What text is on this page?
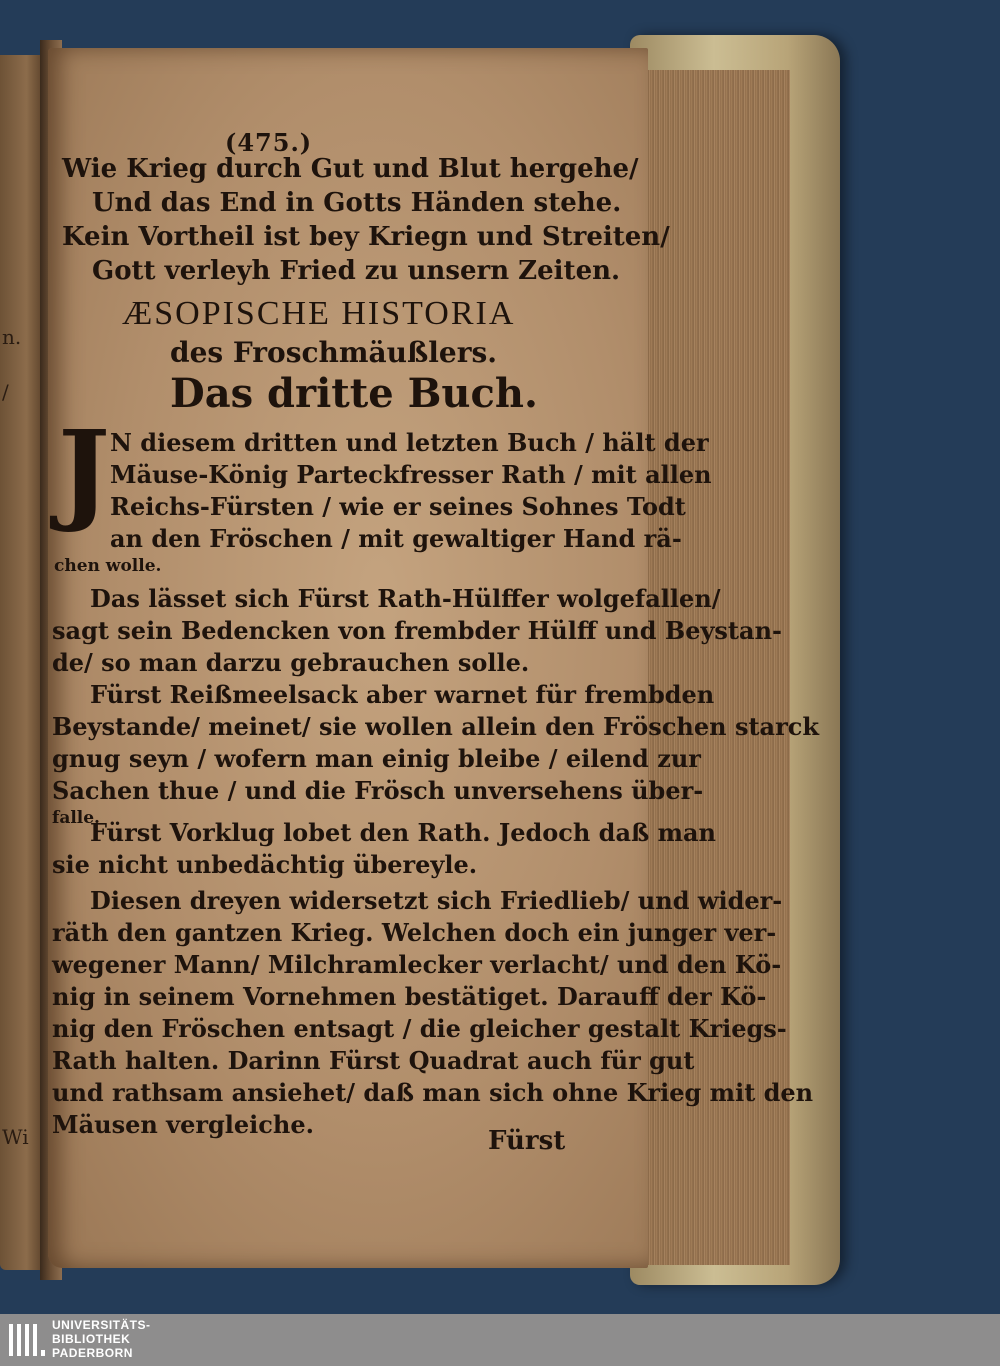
n.
/
Wi
(475.)
Wie Krieg durch Gut und Blut hergehe/
Und das End in Gotts Händen stehe.
Kein Vortheil ist bey Kriegn und Streiten/
Gott verleyh Fried zu unsern Zeiten.
ÆSOPISCHE HISTORIA
des Froschmäußlers.
Das dritte Buch.
J N diesem dritten und letzten Buch / hält der
Mäuse-König Parteckfresser Rath / mit allen
Reichs-Fürsten / wie er seines Sohnes Todt
an den Fröschen / mit gewaltiger Hand rä-
chen wolle.
Das lässet sich Fürst Rath-Hülffer wolgefallen/
sagt sein Bedencken von frembder Hülff und Beystan-
de/ so man darzu gebrauchen solle.
Fürst Reißmeelsack aber warnet für frembden
Beystande/ meinet/ sie wollen allein den Fröschen starck
gnug seyn / wofern man einig bleibe / eilend zur
Sachen thue / und die Frösch unversehens über-
falle.
Fürst Vorklug lobet den Rath. Jedoch daß man
sie nicht unbedächtig übereyle.
Diesen dreyen widersetzt sich Friedlieb/ und wider-
räth den gantzen Krieg. Welchen doch ein junger ver-
wegener Mann/ Milchramlecker verlacht/ und den Kö-
nig in seinem Vornehmen bestätiget. Darauff der Kö-
nig den Fröschen entsagt / die gleicher gestalt Kriegs-
Rath halten. Darinn Fürst Quadrat auch für gut
und rathsam ansiehet/ daß man sich ohne Krieg mit den
Mäusen vergleiche.
Fürst
UNIVERSITÄTS-
BIBLIOTHEK
PADERBORN
